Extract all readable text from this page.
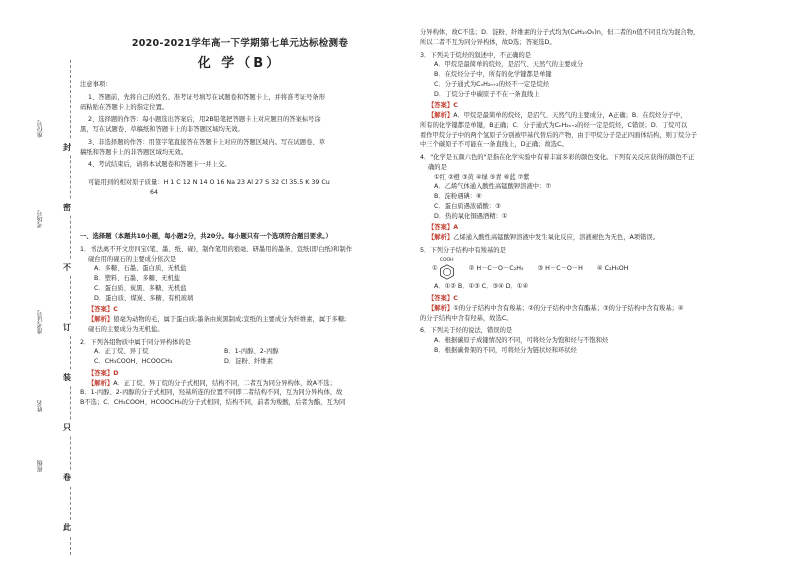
封
密
不
订
装
只
卷
此
座位号
考场号
准考证号
姓名
班级
2020-2021学年高一下学期第七单元达标检测卷
化 学（B）

注意事项：

1、答题前，先将自己的姓名、准考证号填写在试题卷和答题卡上，并将准考证号条形

码粘贴在答题卡上的指定位置。

2、选择题的作答：每小题选出答案后，用2B铅笔把答题卡上对应题目的答案标号涂

黑，写在试题卷、草稿纸和答题卡上的非答题区域均无效。

3、非选择题的作答：用签字笔直接答在答题卡上对应的答题区域内。写在试题卷、草

稿纸和答题卡上的非答题区域均无效。

4、考试结束后，请将本试题卷和答题卡一并上交。

可能用到的相对原子质量：H 1 C 12 N 14 O 16 Na 23 Al 27 S 32 Cl 35.5 K 39 Cu

64

一、选择题（本题共10小题，每小题2分，共20分。每小题只有一个选项符合题目要求。）

1．书法离不开文房四宝(笔、墨、纸、砚)，制作笔用的狼毫、研墨用的墨条、宣纸(即白纸)和制作

砚台用的砚石的主要成分依次是

A．多糖、石墨、蛋白质、无机盐

B．塑料、石墨、多糖、无机盐

C．蛋白质、炭黑、多糖、无机盐

D．蛋白质、煤炭、多糖、有机玻璃

【答案】C

【解析】狼毫为动物的毛，属于蛋白质;墨条由炭黑制成;宣纸的主要成分为纤维素，属于多糖;

砚石的主要成分为无机盐。

2．下列各组物质中属于同分异构体的是

A．正丁烷、异丁烷	B．1-丙醇、2-丙醇

C．CH₃COOH、HCOOCH₃	D．淀粉、纤维素

【答案】D

【解析】A．正丁烷、异丁烷的分子式相同，结构不同，二者互为同分异构体，故A不选；

B．1-丙醇、2-丙醇的分子式相同，羟基所连的位置不同即二者结构不同，互为同分异构体，故

B不选；C．CH₃COOH、HCOOCH₃的分子式相同，结构不同，前者为羧酸，后者为酯，互为同

分异构体，故C不选；D．淀粉、纤维素的分子式均为(C₆H₁₀O₅)n，但二者的n值不同且均为混合物，

所以二者不互为同分异构体，故D选；答案选D。

3．下列关于烷烃的叙述中，不正确的是

A．甲烷是最简单的烷烃，是沼气、天然气的主要成分

B．在烷烃分子中，所有的化学键都是单键

C．分子通式为CₙH₂ₙ₊₂的烃不一定是烷烃

D．丁烷分子中碳原子不在一条直线上

【答案】C

【解析】A．甲烷是最简单的烷烃，是沼气、天然气的主要成分，A正确；B．在烷烃分子中，

所有的化学键都是单键，B正确；C．分子通式为CₙH₂ₙ₊₂的烃一定是烷烃，C错误；D．丁烷可以

看作甲烷分子中的两个氢原子分别被甲基代替后的产物，由于甲烷分子是正四面体结构，则丁烷分子

中三个碳原子不可能在一条直线上，D正确；故选C。

4．"化学是五颜六色的"是指在化学实验中有着丰富多彩的颜色变化。下列有关反应获得的颜色不正

确的是

①红 ②橙 ③黄 ④绿 ⑤青 ⑥蓝 ⑦紫

A．乙烯气体通入酸性高锰酸钾溶液中：⑦

B．淀粉遇碘：⑥

C．蛋白质遇浓硝酸：③

D．热的氧化铜遇酒精：①

【答案】A

【解析】乙烯通入酸性高锰酸钾溶液中发生氧化反应，溶液褪色为无色，A项错误。

5．下列分子结构中有羧基的是

①
COOH
② H－C－O－C₂H₅ ③ H－C－O－H ④ C₂H₅OH

A．①② B．①③ C．③④ D．①④

【答案】C

【解析】①的分子结构中含有羧基；②的分子结构中含有酯基；③的分子结构中含有羧基；④

的分子结构中含有羟基，故选C。

6．下列关于烃的说法，错误的是

A．根据碳原子成键情况的不同，可将烃分为饱和烃与不饱和烃

B．根据碳骨架的不同，可将烃分为链状烃和环状烃
